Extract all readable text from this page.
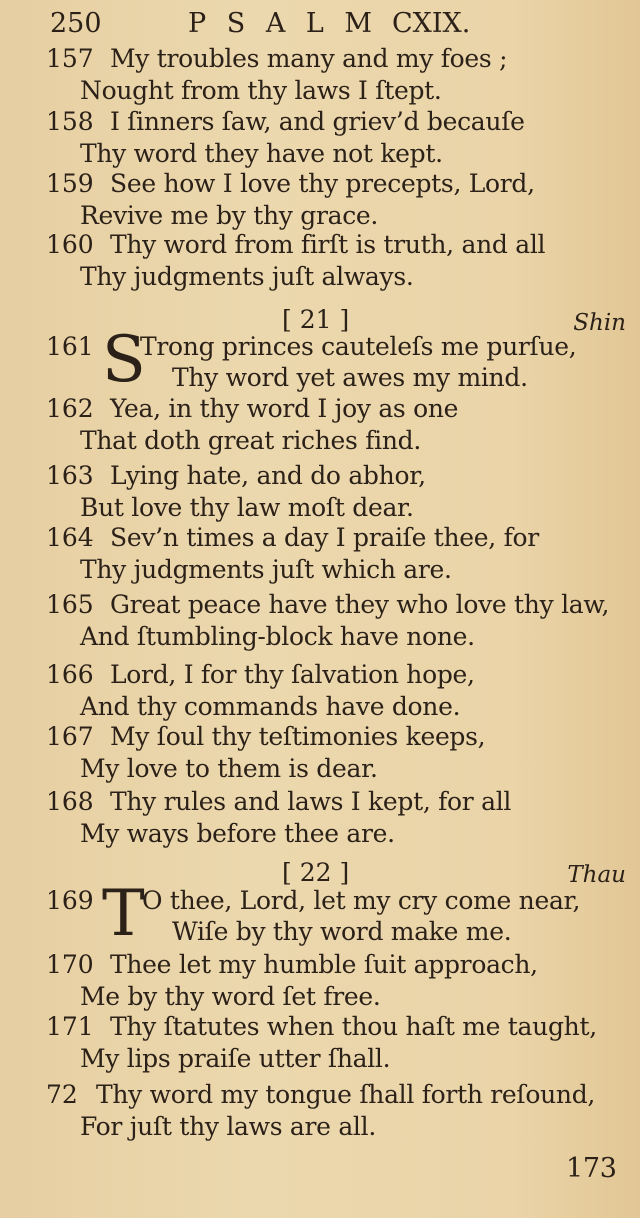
250	P S A L M CXIX.
157 My troubles many and my foes ;
Nought from thy laws I ſtept.
158 I ſinners ſaw, and griev’d becauſe
Thy word they have not kept.
159 See how I love thy precepts, Lord,
Revive me by thy grace.
160 Thy word from firſt is truth, and all
Thy judgments juſt always.
161 S
Trong princes cauteleſs me purſue,
Thy word yet awes my mind.
162 Yea, in thy word I joy as one
That doth great riches find.
163 Lying hate, and do abhor,
But love thy law moſt dear.
164 Sev’n times a day I praiſe thee, for
Thy judgments juſt which are.
165 Great peace have they who love thy law,
And ſtumbling-block have none.
166 Lord, I for thy ſalvation hope,
And thy commands have done.
167 My ſoul thy teſtimonies keeps,
My love to them is dear.
168 Thy rules and laws I kept, for all
My ways before thee are.
169 T
O thee, Lord, let my cry come near,
Wiſe by thy word make me.
170 Thee let my humble ſuit approach,
Me by thy word ſet free.
171 Thy ſtatutes when thou haſt me taught,
My lips praiſe utter ſhall.
72 Thy word my tongue ſhall forth reſound,
For juſt thy laws are all.
[ 21 ]	Shin
[ 22 ]	Thau
173
